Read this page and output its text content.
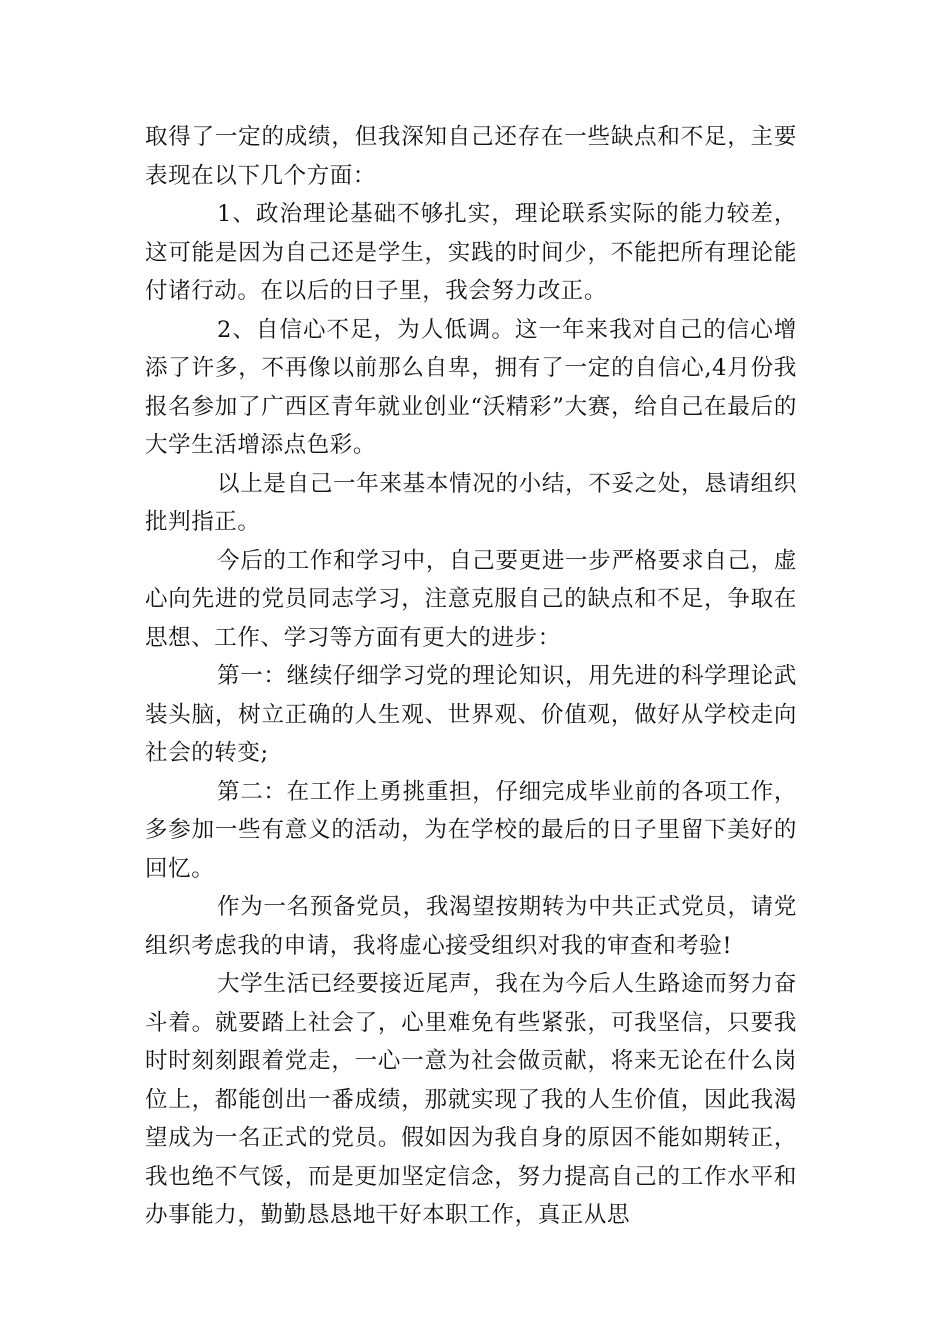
取得了一定的成绩，但我深知自己还存在一些缺点和不足，主要表现在以下几个方面：

1、政治理论基础不够扎实，理论联系实际的能力较差，这可能是因为自己还是学生，实践的时间少，不能把所有理论能付诸行动。在以后的日子里，我会努力改正。

2、自信心不足，为人低调。这一年来我对自己的信心增添了许多，不再像以前那么自卑，拥有了一定的自信心,4月份我报名参加了广西区青年就业创业“沃精彩”大赛，给自己在最后的大学生活增添点色彩。

以上是自己一年来基本情况的小结，不妥之处，恳请组织批判指正。

今后的工作和学习中，自己要更进一步严格要求自己，虚心向先进的党员同志学习，注意克服自己的缺点和不足，争取在思想、工作、学习等方面有更大的进步：

第一：继续仔细学习党的理论知识，用先进的科学理论武装头脑，树立正确的人生观、世界观、价值观，做好从学校走向社会的转变;

第二：在工作上勇挑重担，仔细完成毕业前的各项工作，多参加一些有意义的活动，为在学校的最后的日子里留下美好的回忆。

作为一名预备党员，我渴望按期转为中共正式党员，请党组织考虑我的申请，我将虚心接受组织对我的审查和考验!

大学生活已经要接近尾声，我在为今后人生路途而努力奋斗着。就要踏上社会了，心里难免有些紧张，可我坚信，只要我时时刻刻跟着党走，一心一意为社会做贡献，将来无论在什么岗位上，都能创出一番成绩，那就实现了我的人生价值，因此我渴望成为一名正式的党员。假如因为我自身的原因不能如期转正，我也绝不气馁，而是更加坚定信念，努力提高自己的工作水平和办事能力，勤勤恳恳地干好本职工作，真正从思
